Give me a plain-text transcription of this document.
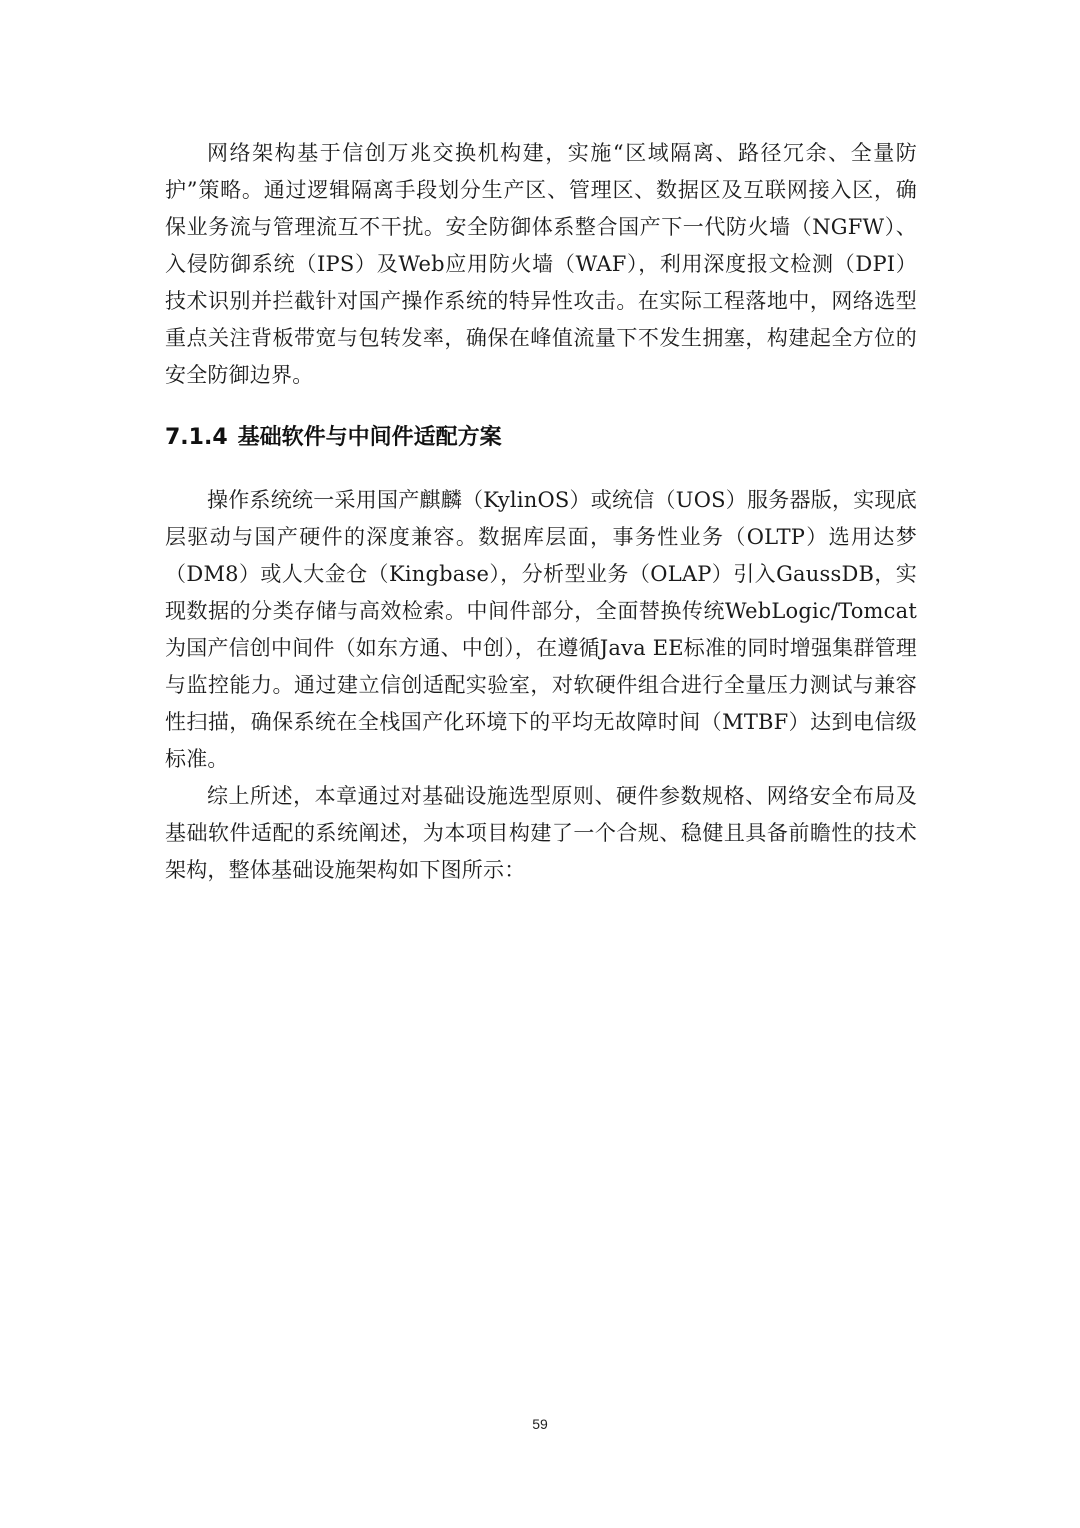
网络架构基于信创万兆交换机构建，实施“区域隔离、路径冗余、全量防护”策略。通过逻辑隔离手段划分生产区、管理区、数据区及互联网接入区，确保业务流与管理流互不干扰。安全防御体系整合国产下一代防火墙（NGFW）、入侵防御系统（IPS）及Web应用防火墙（WAF），利用深度报文检测（DPI）技术识别并拦截针对国产操作系统的特异性攻击。在实际工程落地中，网络选型重点关注背板带宽与包转发率，确保在峰值流量下不发生拥塞，构建起全方位的安全防御边界。

7.1.4 基础软件与中间件适配方案

操作系统统一采用国产麒麟（KylinOS）或统信（UOS）服务器版，实现底层驱动与国产硬件的深度兼容。数据库层面，事务性业务（OLTP）选用达梦（DM8）或人大金仓（Kingbase），分析型业务（OLAP）引入GaussDB，实现数据的分类存储与高效检索。中间件部分，全面替换传统WebLogic/Tomcat为国产信创中间件（如东方通、中创），在遵循Java EE标准的同时增强集群管理与监控能力。通过建立信创适配实验室，对软硬件组合进行全量压力测试与兼容性扫描，确保系统在全栈国产化环境下的平均无故障时间（MTBF）达到电信级标准。

综上所述，本章通过对基础设施选型原则、硬件参数规格、网络安全布局及基础软件适配的系统阐述，为本项目构建了一个合规、稳健且具备前瞻性的技术架构，整体基础设施架构如下图所示：

59
